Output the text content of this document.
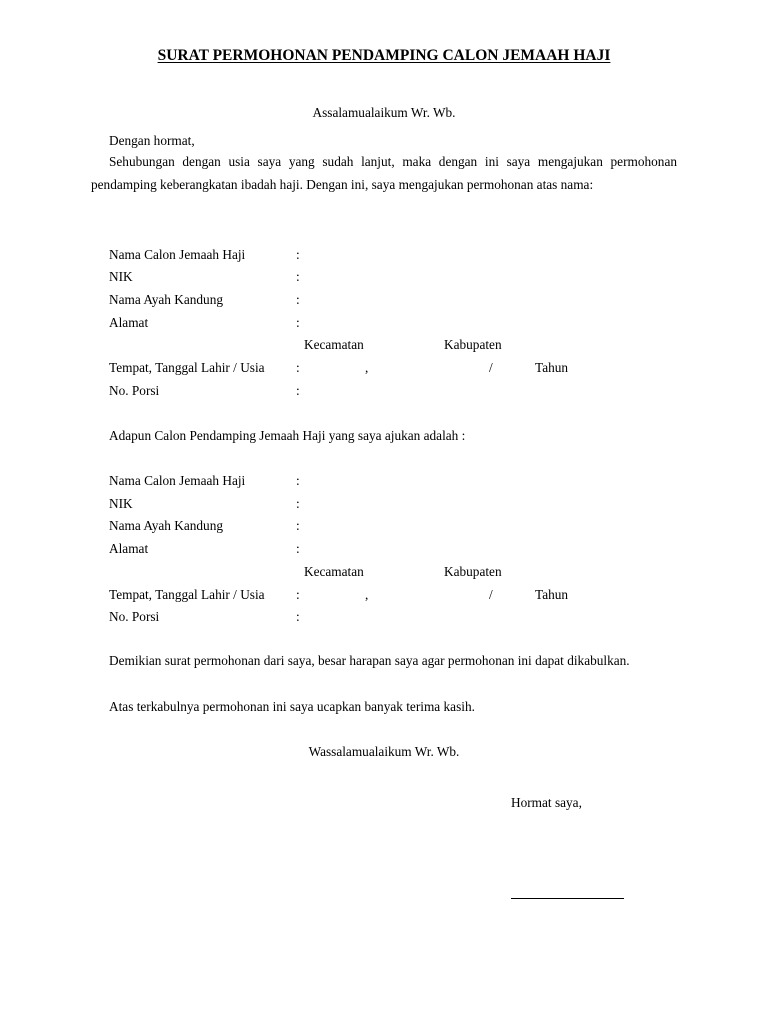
SURAT PERMOHONAN PENDAMPING CALON JEMAAH HAJI
Assalamualaikum Wr. Wb.
Dengan hormat,
Sehubungan dengan usia saya yang sudah lanjut, maka dengan ini saya mengajukan permohonan pendamping keberangkatan ibadah haji. Dengan ini, saya mengajukan permohonan atas nama:
Nama Calon Jemaah Haji	:
NIK	:
Nama Ayah Kandung	:
Alamat	:
Kecamatan	Kabupaten
Tempat, Tanggal Lahir / Usia :	,	/	Tahun
No. Porsi	:
Adapun Calon Pendamping Jemaah Haji yang saya ajukan adalah :
Nama Calon Jemaah Haji	:
NIK	:
Nama Ayah Kandung	:
Alamat	:
Kecamatan	Kabupaten
Tempat, Tanggal Lahir / Usia :	,	/	Tahun
No. Porsi	:
Demikian surat permohonan dari saya, besar harapan saya agar permohonan ini dapat dikabulkan.
Atas terkabulnya permohonan ini saya ucapkan banyak terima kasih.
Wassalamualaikum Wr. Wb.
Hormat saya,
